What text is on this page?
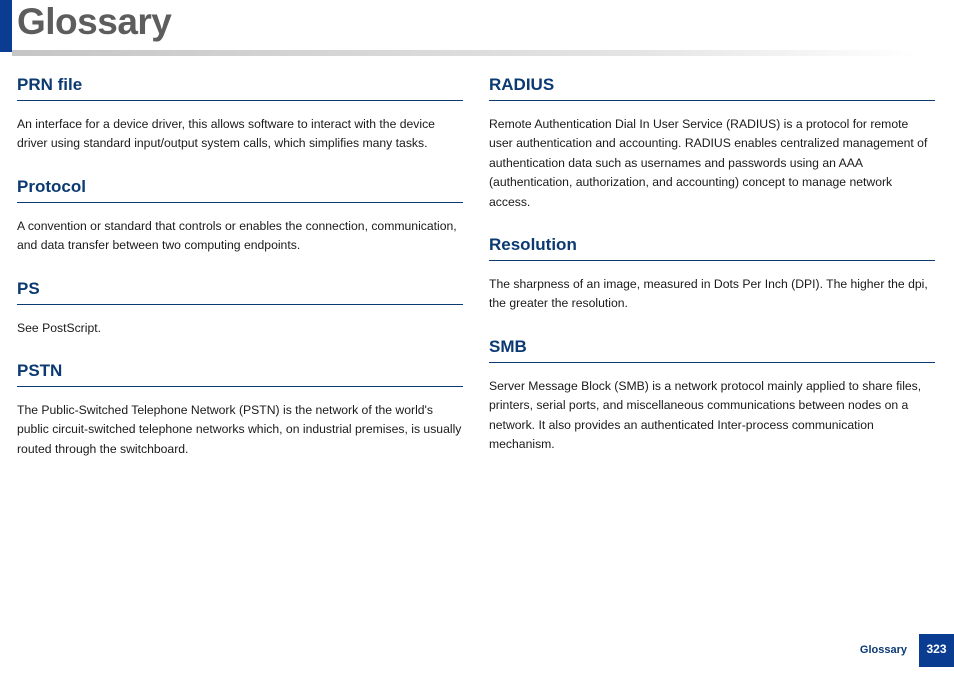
Glossary
PRN file

An interface for a device driver, this allows software to interact with the device driver using standard input/output system calls, which simplifies many tasks.

Protocol

A convention or standard that controls or enables the connection, communication, and data transfer between two computing endpoints.

PS

See PostScript.

PSTN

The Public-Switched Telephone Network (PSTN) is the network of the world's public circuit-switched telephone networks which, on industrial premises, is usually routed through the switchboard.

RADIUS

Remote Authentication Dial In User Service (RADIUS) is a protocol for remote user authentication and accounting. RADIUS enables centralized management of authentication data such as usernames and passwords using an AAA (authentication, authorization, and accounting) concept to manage network access.

Resolution

The sharpness of an image, measured in Dots Per Inch (DPI). The higher the dpi, the greater the resolution.

SMB

Server Message Block (SMB) is a network protocol mainly applied to share files, printers, serial ports, and miscellaneous communications between nodes on a network. It also provides an authenticated Inter-process communication mechanism.

Glossary	323
